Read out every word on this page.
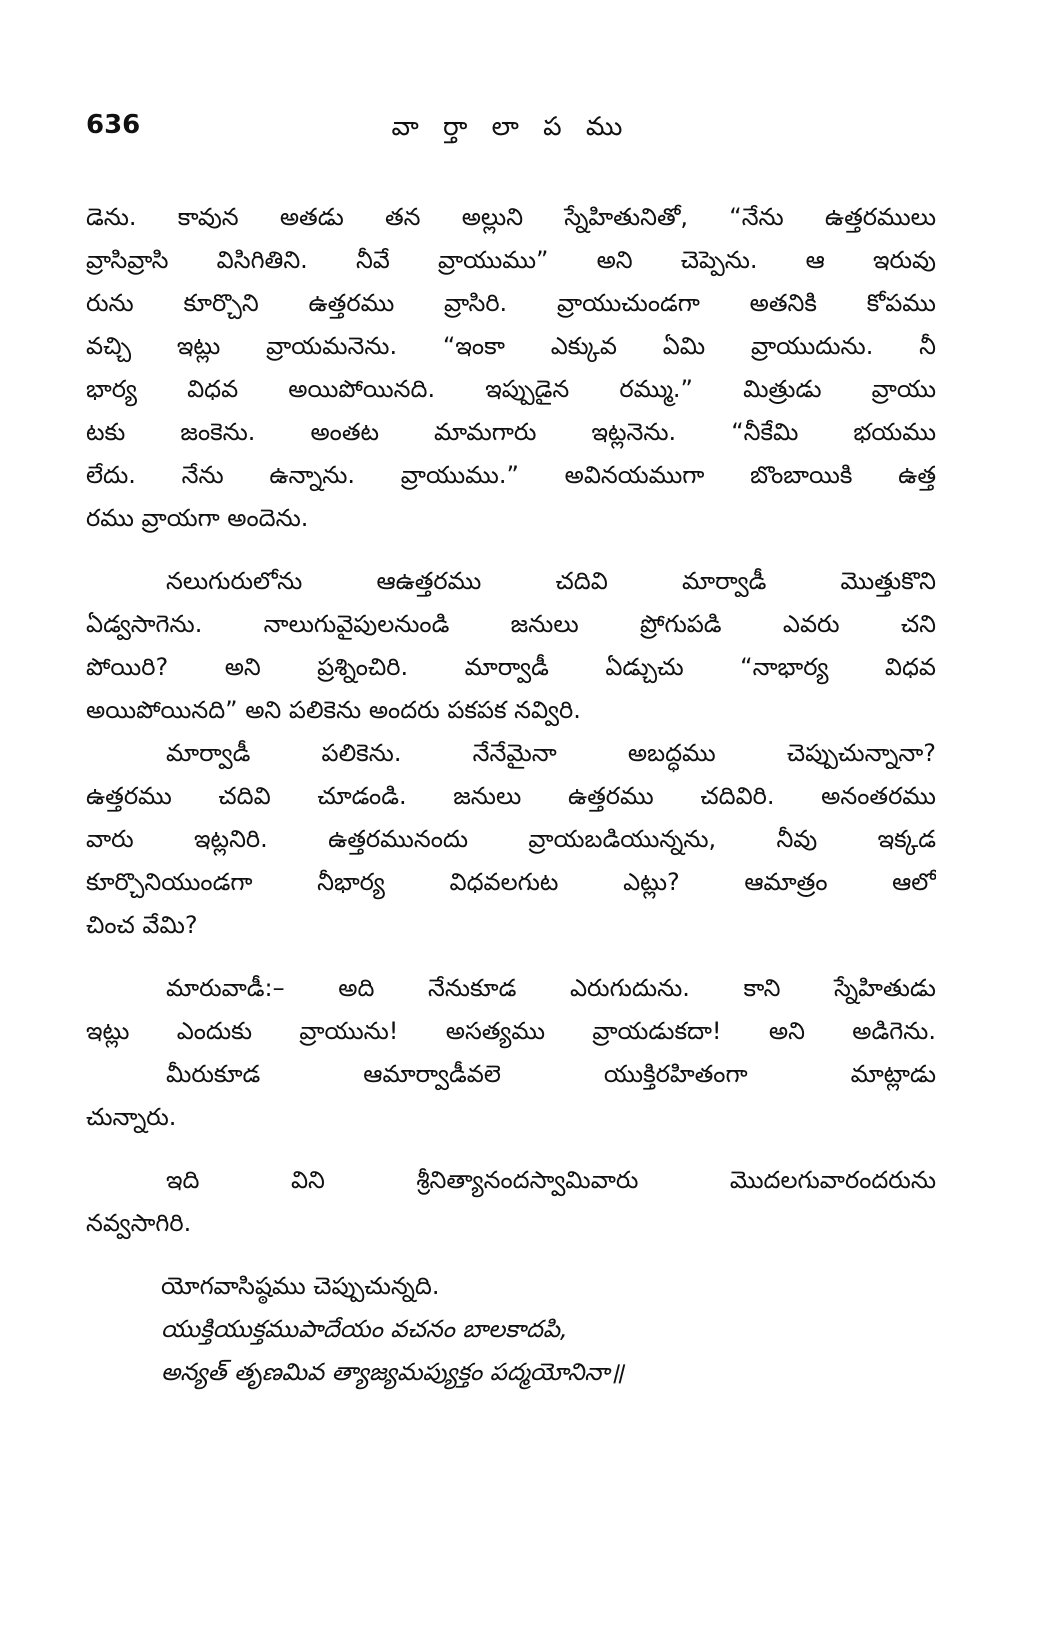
636	వా ర్తా లా ప ము
డెను. కావున అతడు తన అల్లుని స్నేహితునితో, “నేను ఉత్తరములు
వ్రాసివ్రాసి విసిగితిని. నీవే వ్రాయుము” అని చెప్పెను. ఆ ఇరువు
రును కూర్చొని ఉత్తరము వ్రాసిరి. వ్రాయుచుండగా అతనికి కోపము
వచ్చి ఇట్లు వ్రాయమనెను. “ఇంకా ఎక్కువ ఏమి వ్రాయుదును. నీ
భార్య విధవ అయిపోయినది. ఇప్పుడైన రమ్ము.” మిత్రుడు వ్రాయు
టకు జంకెను. అంతట మామగారు ఇట్లనెను. “నీకేమి భయము
లేదు. నేను ఉన్నాను. వ్రాయుము.” అవినయముగా బొంబాయికి ఉత్త
రము వ్రాయగా అందెను.
నలుగురులోను ఆఉత్తరము చదివి మార్వాడీ మొత్తుకొని
ఏడ్వసాగెను. నాలుగువైపులనుండి జనులు ప్రోగుపడి ఎవరు చని
పోయిరి? అని ప్రశ్నించిరి. మార్వాడీ ఏడ్చుచు “నాభార్య విధవ
అయిపోయినది” అని పలికెను అందరు పకపక నవ్విరి.
మార్వాడీ పలికెను. నేనేమైనా అబద్ధము చెప్పుచున్నానా?
ఉత్తరము చదివి చూడండి. జనులు ఉత్తరము చదివిరి. అనంతరము
వారు ఇట్లనిరి. ఉత్తరమునందు వ్రాయబడియున్నను, నీవు ఇక్కడ
కూర్చొనియుండగా నీభార్య విధవలగుట ఎట్లు? ఆమాత్రం ఆలో
చించ వేమి?
మారువాడీ:– అది నేనుకూడ ఎరుగుదును. కాని స్నేహితుడు
ఇట్లు ఎందుకు వ్రాయును! అసత్యము వ్రాయడుకదా! అని అడిగెను.
మీరుకూడ ఆమార్వాడీవలె యుక్తిరహితంగా మాట్లాడు
చున్నారు.
ఇది విని శ్రీనిత్యానందస్వామివారు మొదలగువారందరును
నవ్వసాగిరి.
యోగవాసిష్ఠము చెప్పుచున్నది.
యుక్తియుక్తముపాదేయం వచనం బాలకాదపి,
అన్యత్ తృణమివ త్యాజ్యమప్యుక్తం పద్మయోనినా॥
